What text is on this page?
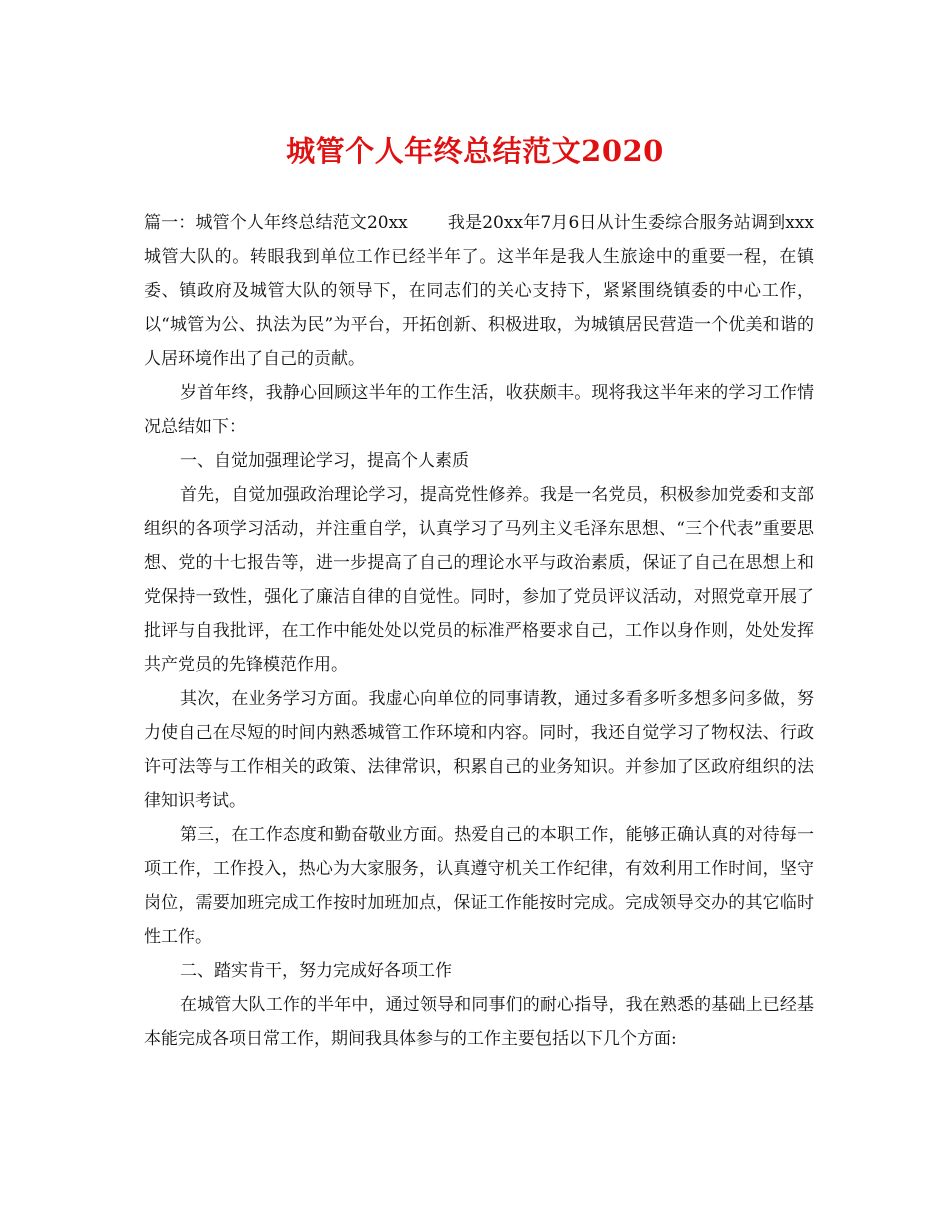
城管个人年终总结范文2020

篇一：城管个人年终总结范文20xx 我是20xx年7月6日从计生委综合服务站调到xxx城管大队的。转眼我到单位工作已经半年了。这半年是我人生旅途中的重要一程，在镇委、镇政府及城管大队的领导下，在同志们的关心支持下，紧紧围绕镇委的中心工作，以“城管为公、执法为民”为平台，开拓创新、积极进取，为城镇居民营造一个优美和谐的人居环境作出了自己的贡献。

岁首年终，我静心回顾这半年的工作生活，收获颇丰。现将我这半年来的学习工作情况总结如下：

一、自觉加强理论学习，提高个人素质

首先，自觉加强政治理论学习，提高党性修养。我是一名党员，积极参加党委和支部组织的各项学习活动，并注重自学，认真学习了马列主义毛泽东思想、“三个代表”重要思想、党的十七报告等，进一步提高了自己的理论水平与政治素质，保证了自己在思想上和党保持一致性，强化了廉洁自律的自觉性。同时，参加了党员评议活动，对照党章开展了批评与自我批评，在工作中能处处以党员的标准严格要求自己，工作以身作则，处处发挥共产党员的先锋模范作用。

其次，在业务学习方面。我虚心向单位的同事请教，通过多看多听多想多问多做，努力使自己在尽短的时间内熟悉城管工作环境和内容。同时，我还自觉学习了物权法、行政许可法等与工作相关的政策、法律常识，积累自己的业务知识。并参加了区政府组织的法律知识考试。

第三，在工作态度和勤奋敬业方面。热爱自己的本职工作，能够正确认真的对待每一项工作，工作投入，热心为大家服务，认真遵守机关工作纪律，有效利用工作时间，坚守岗位，需要加班完成工作按时加班加点，保证工作能按时完成。完成领导交办的其它临时性工作。

二、踏实肯干，努力完成好各项工作

在城管大队工作的半年中，通过领导和同事们的耐心指导，我在熟悉的基础上已经基本能完成各项日常工作，期间我具体参与的工作主要包括以下几个方面:
